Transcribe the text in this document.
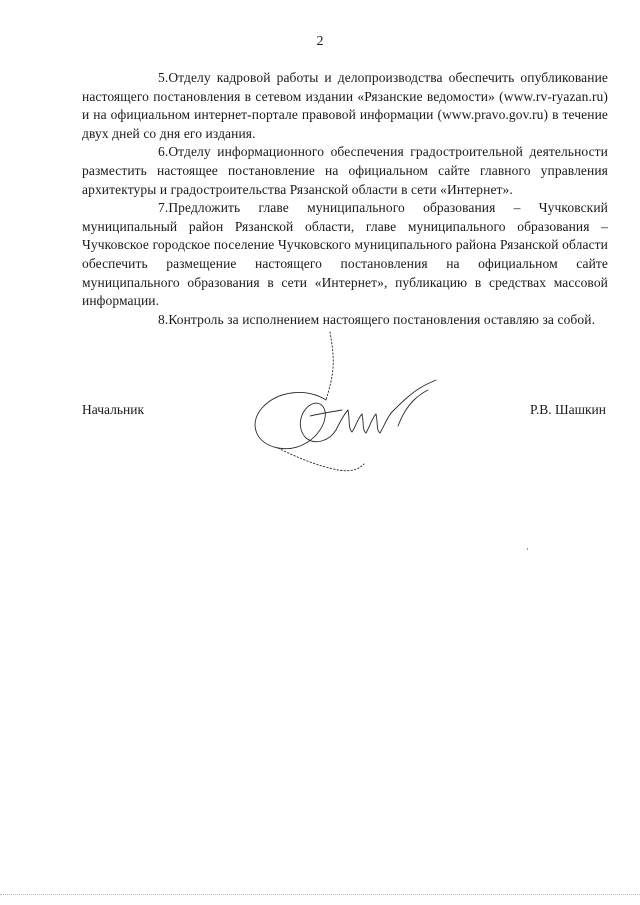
2

5.Отделу кадровой работы и делопроизводства обеспечить опубликование настоящего постановления в сетевом издании «Рязанские ведомости» (www.rv-ryazan.ru) и на официальном интернет-портале правовой информации (www.pravo.gov.ru) в течение двух дней со дня его издания.

6.Отделу информационного обеспечения градостроительной деятельности разместить настоящее постановление на официальном сайте главного управления архитектуры и градостроительства Рязанской области в сети «Интернет».

7.Предложить главе муниципального образования – Чучковский муниципальный район Рязанской области, главе муниципального образования – Чучковское городское поселение Чучковского муниципального района Рязанской области обеспечить размещение настоящего постановления на официальном сайте муниципального образования в сети «Интернет», публикацию в средствах массовой информации.

8.Контроль за исполнением настоящего постановления оставляю за собой.

Начальник	Р.В. Шашкин
